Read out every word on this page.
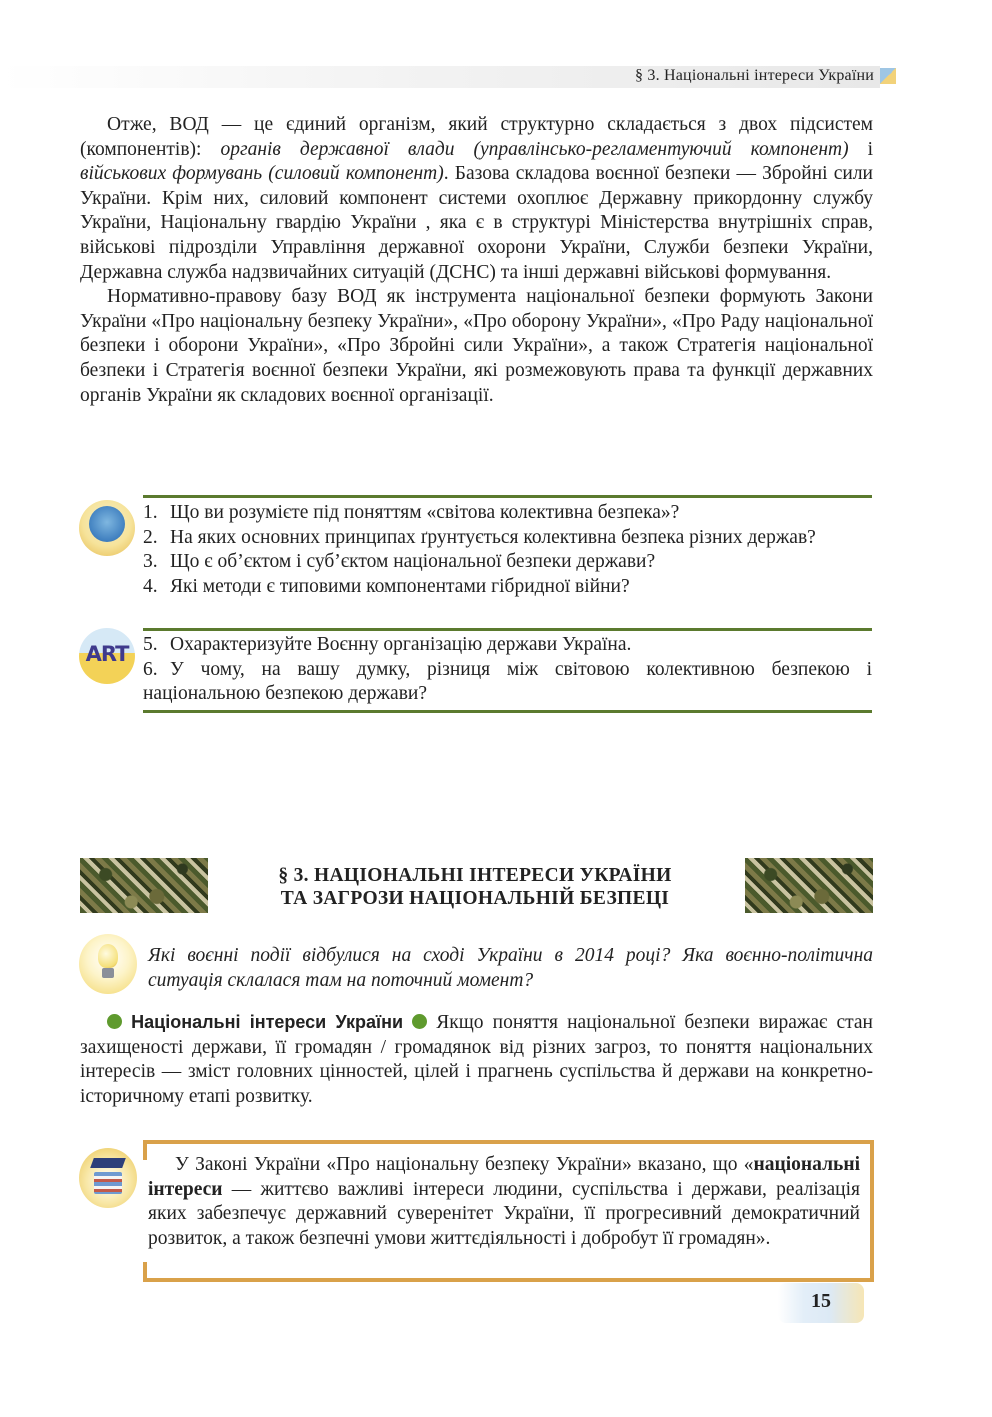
§ 3. Національні інтереси України

Отже, ВОД — це єдиний організм, який структурно складається з двох підсистем (компонентів): органів державної влади (управлінсько-регламентуючий компонент) і військових формувань (силовий компонент). Базова складова воєнної безпеки — Збройні сили України. Крім них, силовий компонент системи охоплює Державну прикордонну службу України, Національну гвардію України , яка є в структурі Міністерства внутрішніх справ, військові підрозділи Управління державної охорони України, Служби безпеки України, Державна служба надзвичайних ситуацій (ДСНС) та інші державні військові формування.

Нормативно-правову базу ВОД як інструмента національної безпеки формують Закони України «Про національну безпеку України», «Про оборону України», «Про Раду національної безпеки і оборони України», «Про Збройні сили України», а також Стратегія національної безпеки і Стратегія воєнної безпеки України, які розмежовують права та функції державних органів України як складових воєнної організації.

1. Що ви розумієте під поняттям «світова колективна безпека»?
2. На яких основних принципах ґрунтується колективна безпека різних держав?
3. Що є об’єктом і суб’єктом національної безпеки держави?
4. Які методи є типовими компонентами гібридної війни?
ART 5. Охарактеризуйте Воєнну організацію держави Україна.
6. У чому, на вашу думку, різниця між світовою колективною безпекою і національною безпекою держави?
§ 3. НАЦІОНАЛЬНІ ІНТЕРЕСИ УКРАЇНИ
ТА ЗАГРОЗИ НАЦІОНАЛЬНІЙ БЕЗПЕЦІ
Які воєнні події відбулися на сході України в 2014 році? Яка воєнно-політична ситуація склалася там на поточний момент?

Національні інтереси України  Якщо поняття національної безпеки виражає стан захищеності держави, її громадян / громадянок від різних загроз, то поняття національних інтересів — зміст головних цінностей, цілей і прагнень суспільства й держави на конкретно-історичному етапі розвитку.

У Законі України «Про національну безпеку України» вказано, що «національні інтереси — життєво важливі інтереси людини, суспільства і держави, реалізація яких забезпечує державний суверенітет України, її прогресивний демократичний розвиток, а також безпечні умови життєдіяльності і добробут її громадян».

15
